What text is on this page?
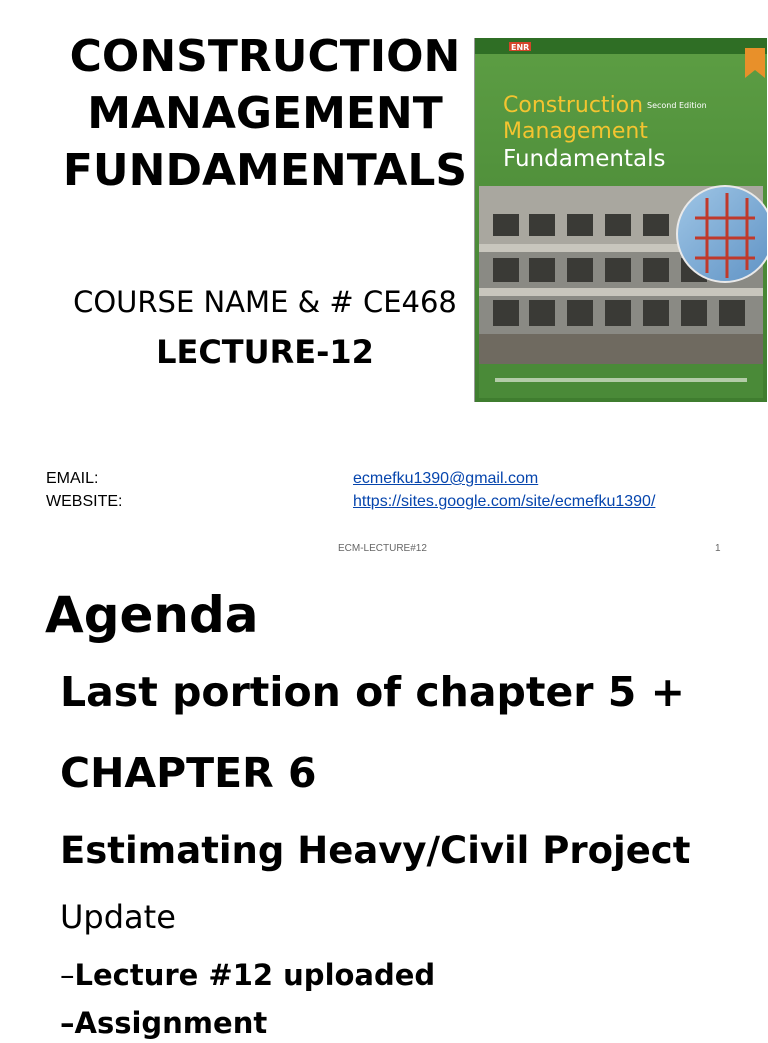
CONSTRUCTION
MANAGEMENT
FUNDAMENTALS
COURSE NAME & # CE468
LECTURE-12
ENR
Construction
Management
Fundamentals
Second Edition
EMAIL:	ecmefku1390@gmail.com
WEBSITE:	https://sites.google.com/site/ecmefku1390/
ECM-LECTURE#12	1
Agenda
Last portion of chapter 5 +
CHAPTER 6
Estimating Heavy/Civil Project
Update
–Lecture #12 uploaded
–Assignment
